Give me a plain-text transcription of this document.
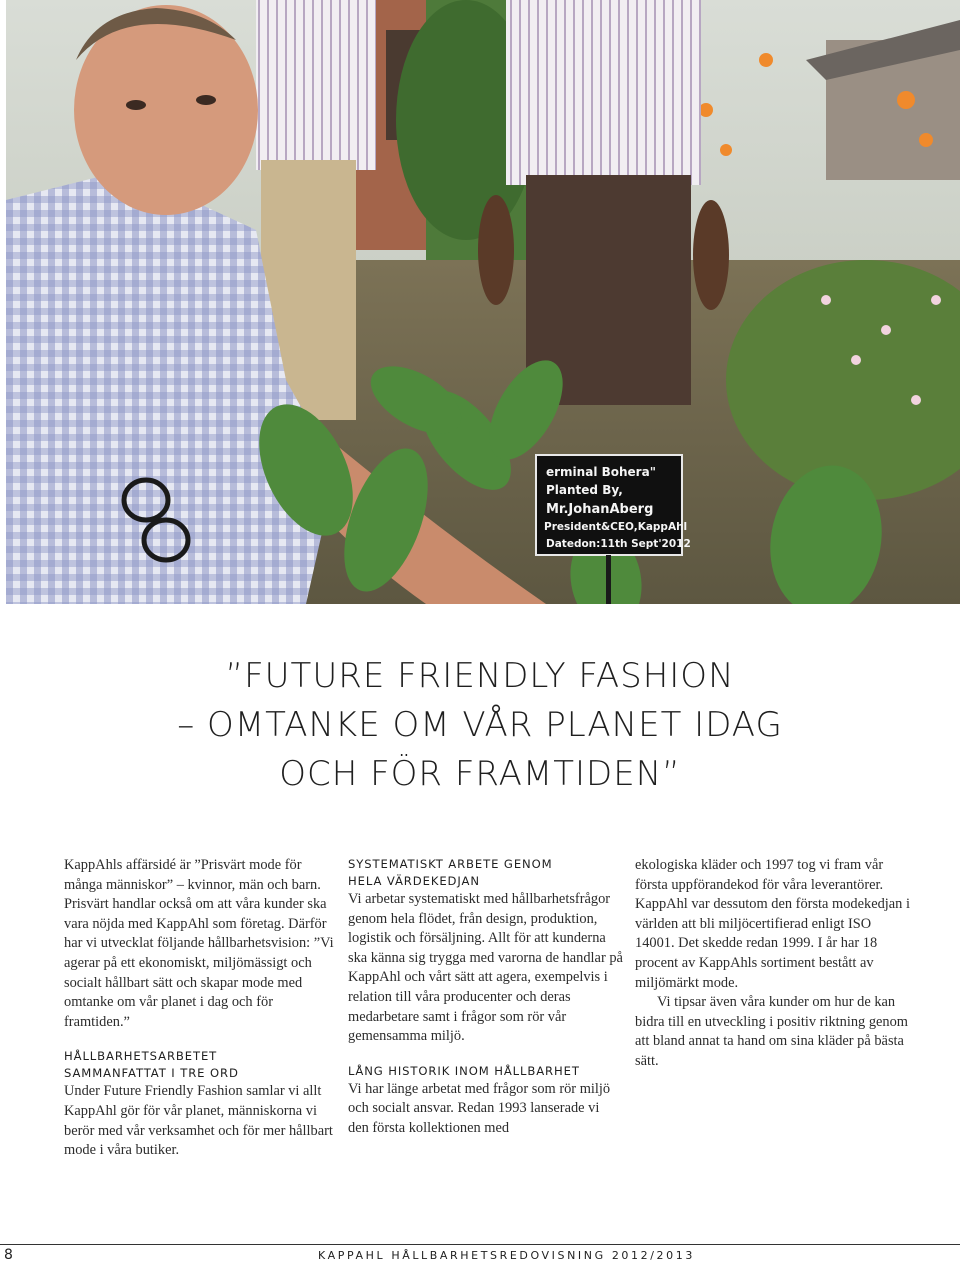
erminal Bohera"
Planted By,
Mr.JohanAberg
President&CEO,KappAhl
Datedon:11th Sept'2012
”FUTURE FRIENDLY FASHION
– OMTANKE OM VÅR PLANET IDAG
OCH FÖR FRAMTIDEN”

KappAhls affärsidé är ”Prisvärt mode för många människor” – kvinnor, män och barn. Prisvärt handlar också om att våra kunder ska vara nöjda med KappAhl som företag. Därför har vi utvecklat följande hållbarhetsvision: ”Vi agerar på ett ekonomiskt, miljömässigt och socialt hållbart sätt och skapar mode med omtanke om vår planet i dag och för framtiden.”

HÅLLBARHETSARBETET

SAMMANFATTAT I TRE ORD

Under Future Friendly Fashion samlar vi allt KappAhl gör för vår planet, människorna vi berör med vår verksamhet och för mer hållbart mode i våra butiker.

SYSTEMATISKT ARBETE GENOM

HELA VÄRDEKEDJAN

Vi arbetar systematiskt med hållbarhetsfrågor genom hela flödet, från design, produktion, logistik och försäljning. Allt för att kunderna ska känna sig trygga med varorna de handlar på KappAhl och vårt sätt att agera, exempelvis i relation till våra producenter och deras medarbetare samt i frågor som rör vår gemensamma miljö.

LÅNG HISTORIK INOM HÅLLBARHET

Vi har länge arbetat med frågor som rör miljö och socialt ansvar. Redan 1993 lanserade vi den första kollektionen med

ekologiska kläder och 1997 tog vi fram vår första uppförandekod för våra leverantörer. KappAhl var dessutom den första modekedjan i världen att bli miljöcertifierad enligt ISO 14001. Det skedde redan 1999. I år har 18 procent av KappAhls sortiment bestått av miljömärkt mode.

Vi tipsar även våra kunder om hur de kan bidra till en utveckling i positiv riktning genom att bland annat ta hand om sina kläder på bästa sätt.

8	KAPPAHL HÅLLBARHETSREDOVISNING 2012/2013
